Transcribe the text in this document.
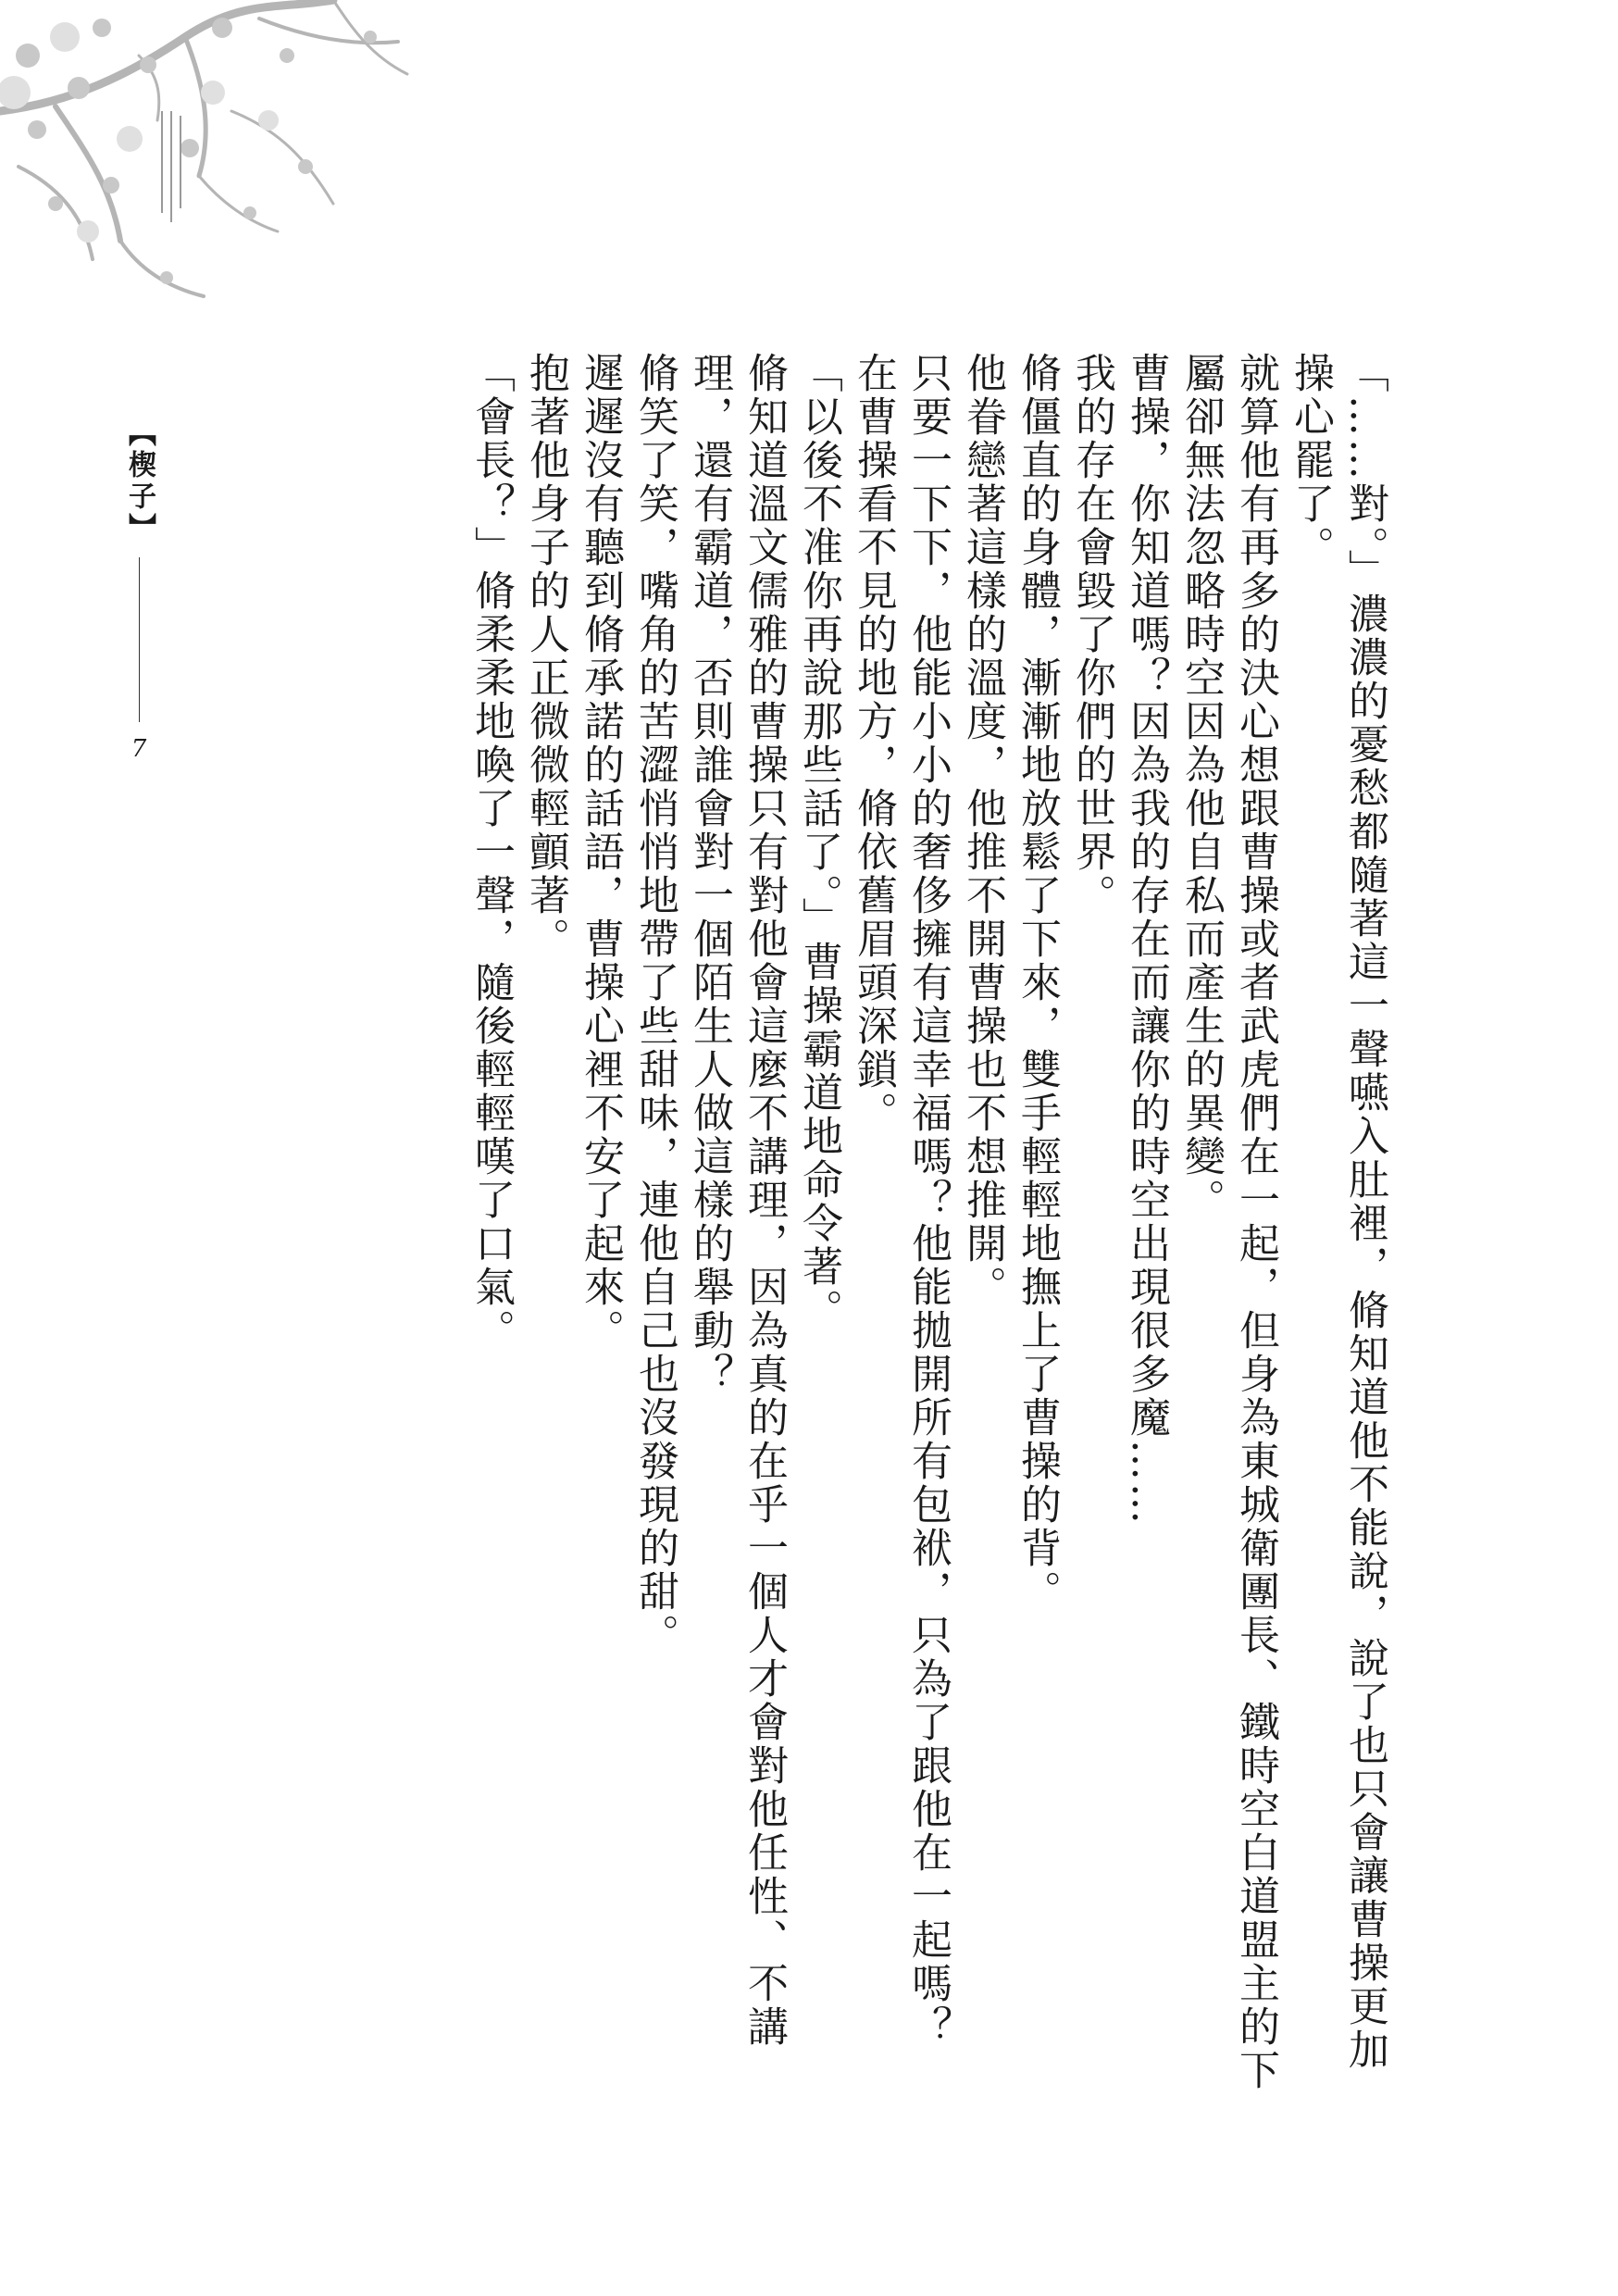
【楔子】
7	「……對。」濃濃的憂愁都隨著這一聲嚥入肚裡，脩知道他不能說，說了也只會讓曹操更加操心罷了。

就算他有再多的決心想跟曹操或者武虎們在一起，但身為東城衛團長、鐵時空白道盟主的下屬卻無法忽略時空因為他自私而產生的異變。

曹操，你知道嗎？因為我的存在而讓你的時空出現很多魔……

我的存在會毀了你們的世界。

脩僵直的身體，漸漸地放鬆了下來，雙手輕輕地撫上了曹操的背。

他眷戀著這樣的溫度，他推不開曹操也不想推開。

只要一下下，他能小小的奢侈擁有這幸福嗎？他能拋開所有包袱，只為了跟他在一起嗎？

在曹操看不見的地方，脩依舊眉頭深鎖。

「以後不准你再說那些話了。」曹操霸道地命令著。

脩知道溫文儒雅的曹操只有對他會這麼不講理，因為真的在乎一個人才會對他任性、不講理，還有霸道，否則誰會對一個陌生人做這樣的舉動？

脩笑了笑，嘴角的苦澀悄悄地帶了些甜味，連他自己也沒發現的甜。

遲遲沒有聽到脩承諾的話語，曹操心裡不安了起來。

抱著他身子的人正微微輕顫著。

「會長？」脩柔柔地喚了一聲，隨後輕輕嘆了口氣。
